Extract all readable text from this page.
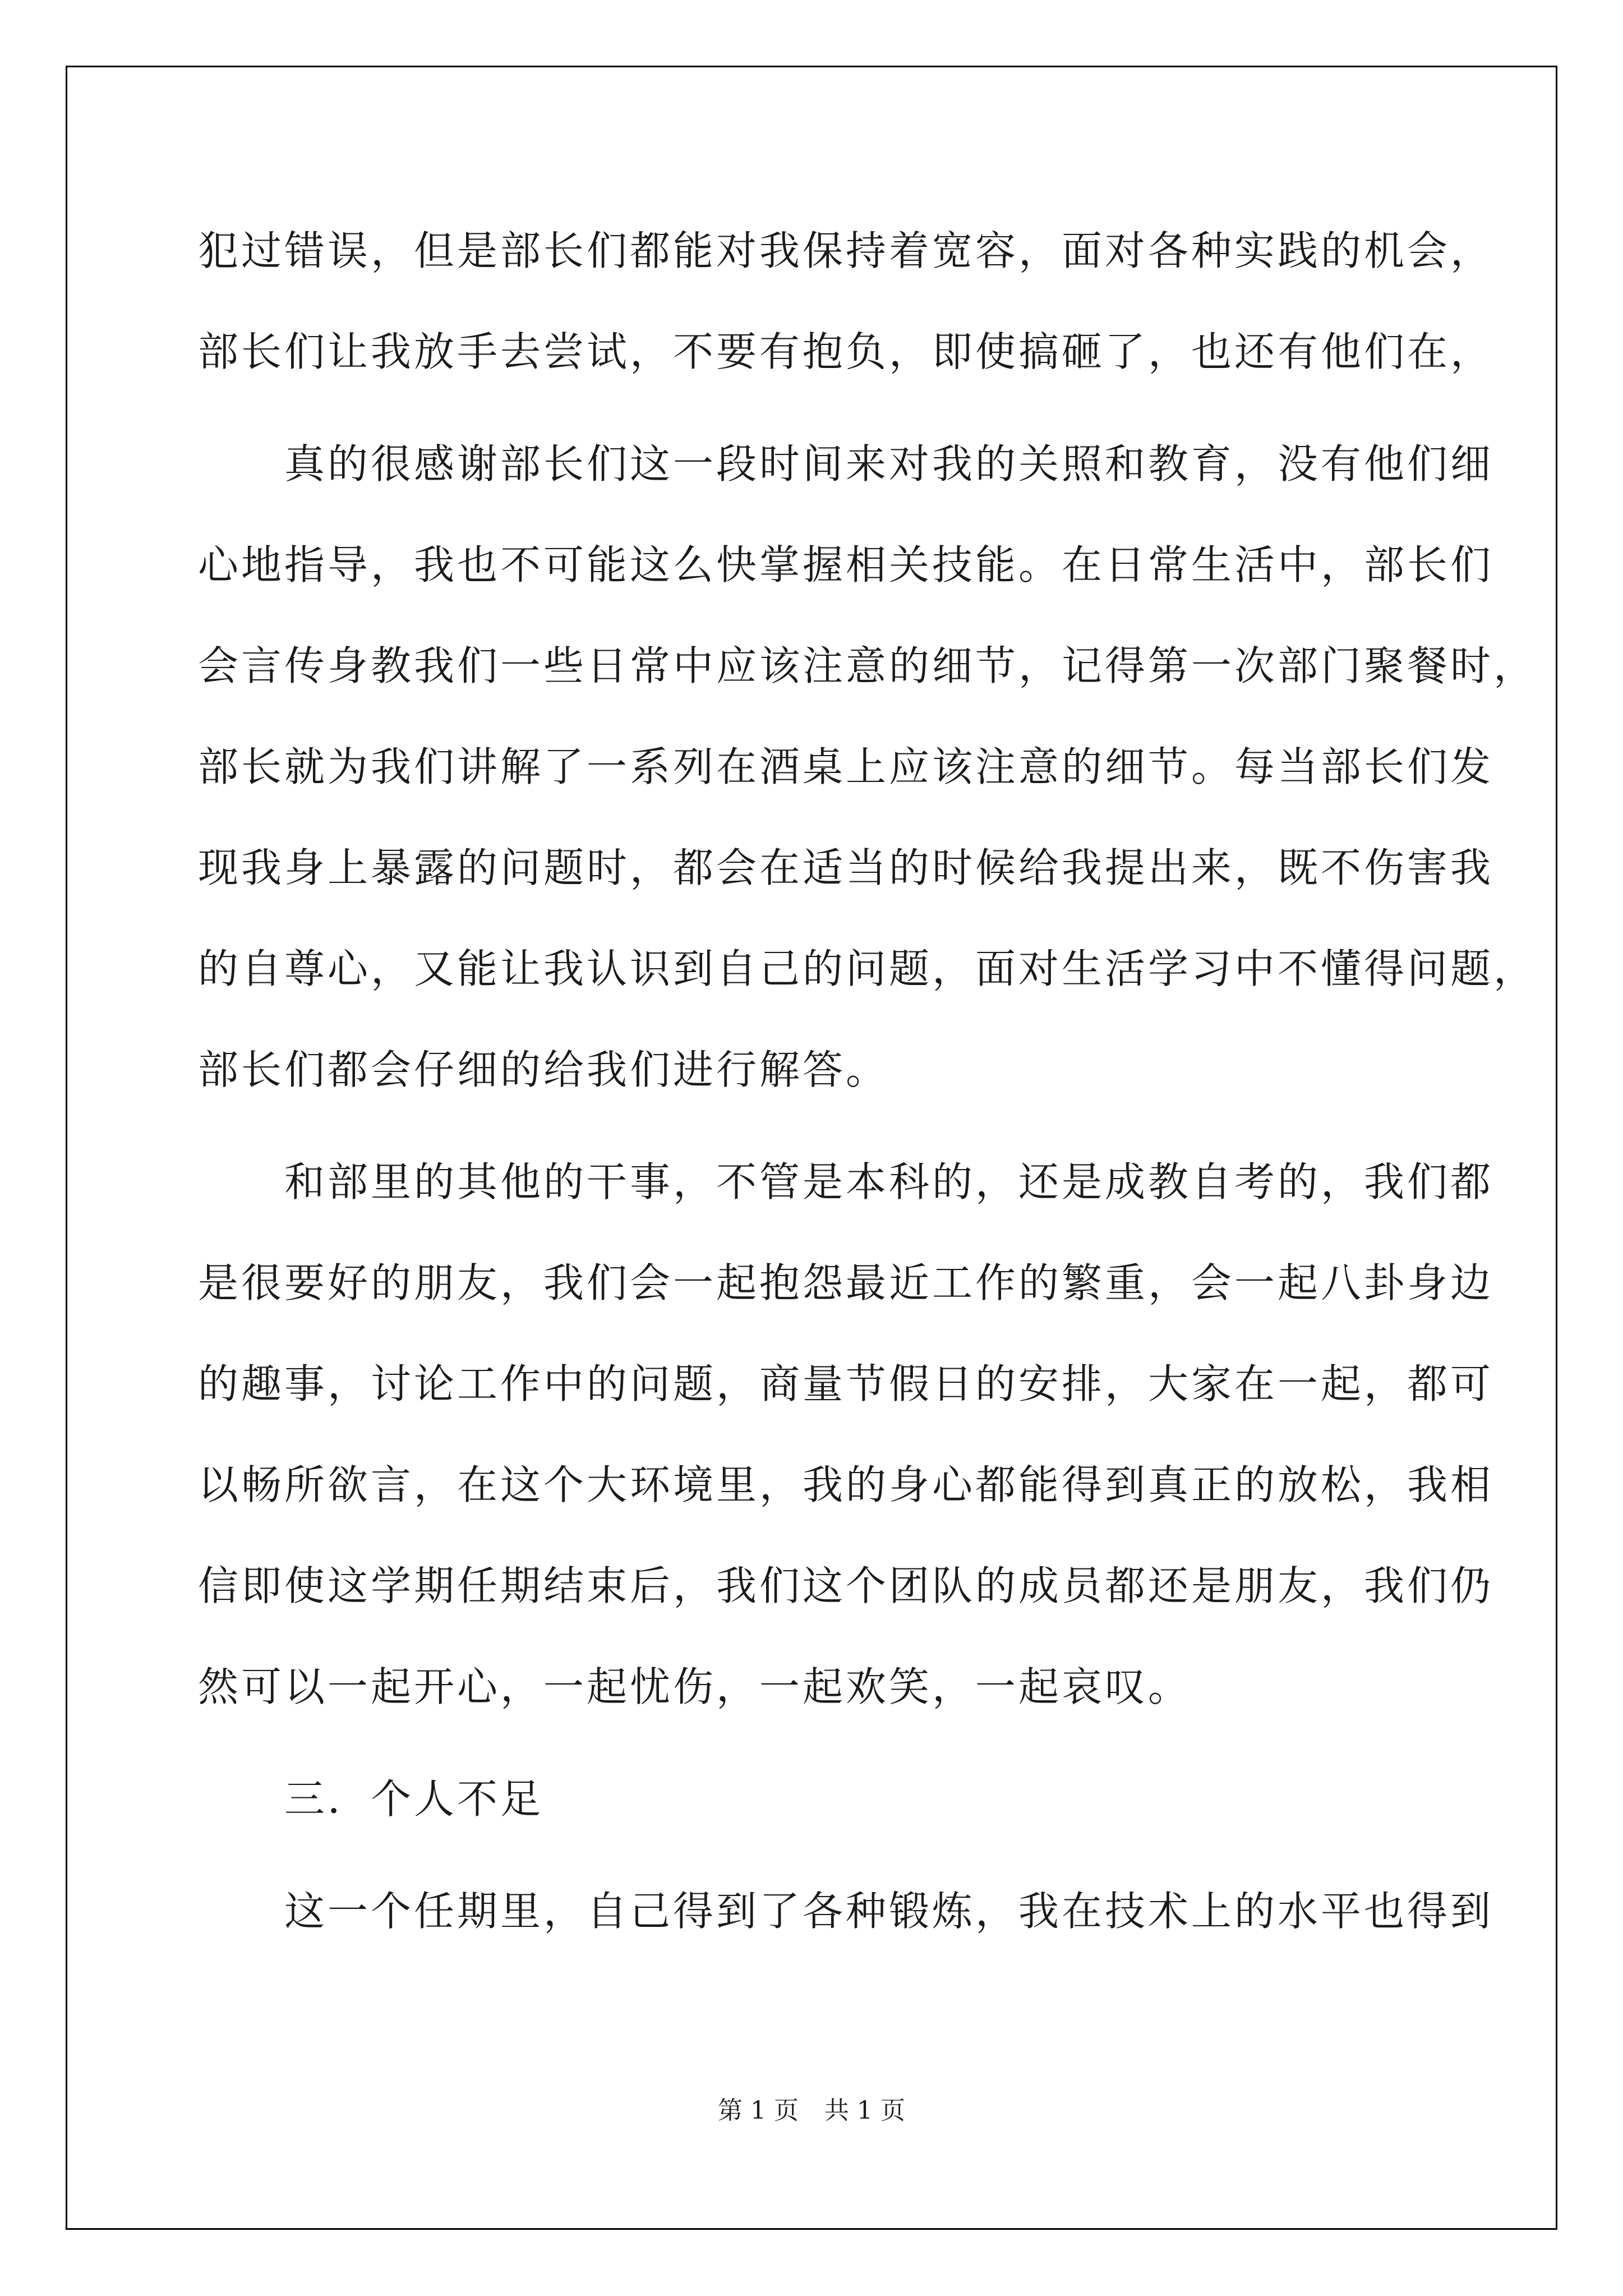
犯过错误，但是部长们都能对我保持着宽容，面对各种实践的机会，
部长们让我放手去尝试，不要有抱负，即使搞砸了，也还有他们在，
　　真的很感谢部长们这一段时间来对我的关照和教育，没有他们细
心地指导，我也不可能这么快掌握相关技能。在日常生活中，部长们
会言传身教我们一些日常中应该注意的细节，记得第一次部门聚餐时，
部长就为我们讲解了一系列在酒桌上应该注意的细节。每当部长们发
现我身上暴露的问题时，都会在适当的时候给我提出来，既不伤害我
的自尊心，又能让我认识到自己的问题，面对生活学习中不懂得问题，
部长们都会仔细的给我们进行解答。
　　和部里的其他的干事，不管是本科的，还是成教自考的，我们都
是很要好的朋友，我们会一起抱怨最近工作的繁重，会一起八卦身边
的趣事，讨论工作中的问题，商量节假日的安排，大家在一起，都可
以畅所欲言，在这个大环境里，我的身心都能得到真正的放松，我相
信即使这学期任期结束后，我们这个团队的成员都还是朋友，我们仍
然可以一起开心，一起忧伤，一起欢笑，一起哀叹。
　　三．个人不足
　　这一个任期里，自己得到了各种锻炼，我在技术上的水平也得到
第 1 页 共 1 页
